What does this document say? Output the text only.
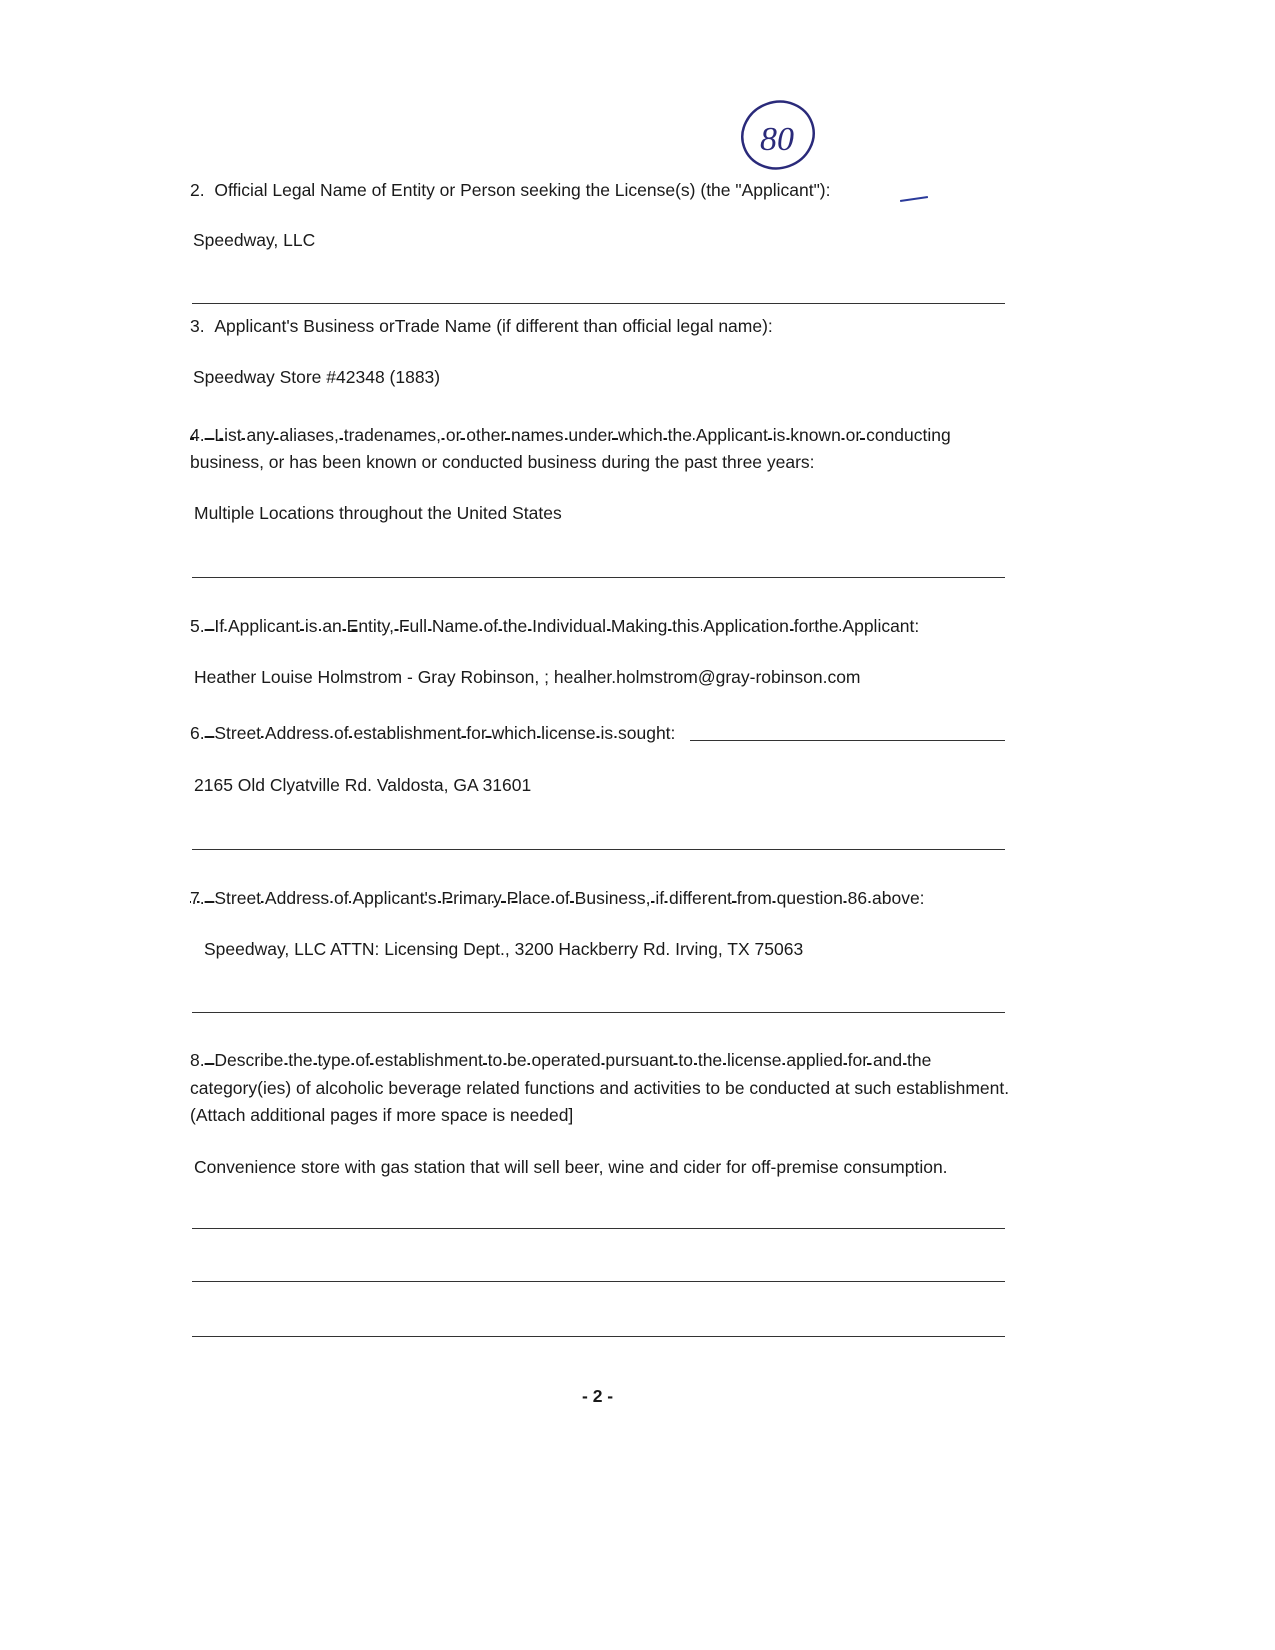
80
2. Official Legal Name of Entity or Person seeking the License(s) (the "Applicant"):
Speedway, LLC
3. Applicant's Business orTrade Name (if different than official legal name):
Speedway Store #42348 (1883)
4. List any aliases, tradenames, or other names under which the Applicant is known or conducting
business, or has been known or conducted business during the past three years:
Multiple Locations throughout the United States
5. If Applicant is an Entity, Full Name of the Individual Making this Application forthe Applicant:
Heather Louise Holmstrom - Gray Robinson, ; healher.holmstrom@gray-robinson.com
6. Street Address of establishment for which license is sought:
2165 Old Clyatville Rd. Valdosta, GA 31601
7. Street Address of Applicant's Primary Place of Business, if different from question 86 above:
Speedway, LLC ATTN: Licensing Dept., 3200 Hackberry Rd. Irving, TX 75063
8. Describe the type of establishment to be operated pursuant to the license applied for and the
category(ies) of alcoholic beverage related functions and activities to be conducted at such establishment.
(Attach additional pages if more space is needed]
Convenience store with gas station that will sell beer, wine and cider for off-premise consumption.
- 2 -
